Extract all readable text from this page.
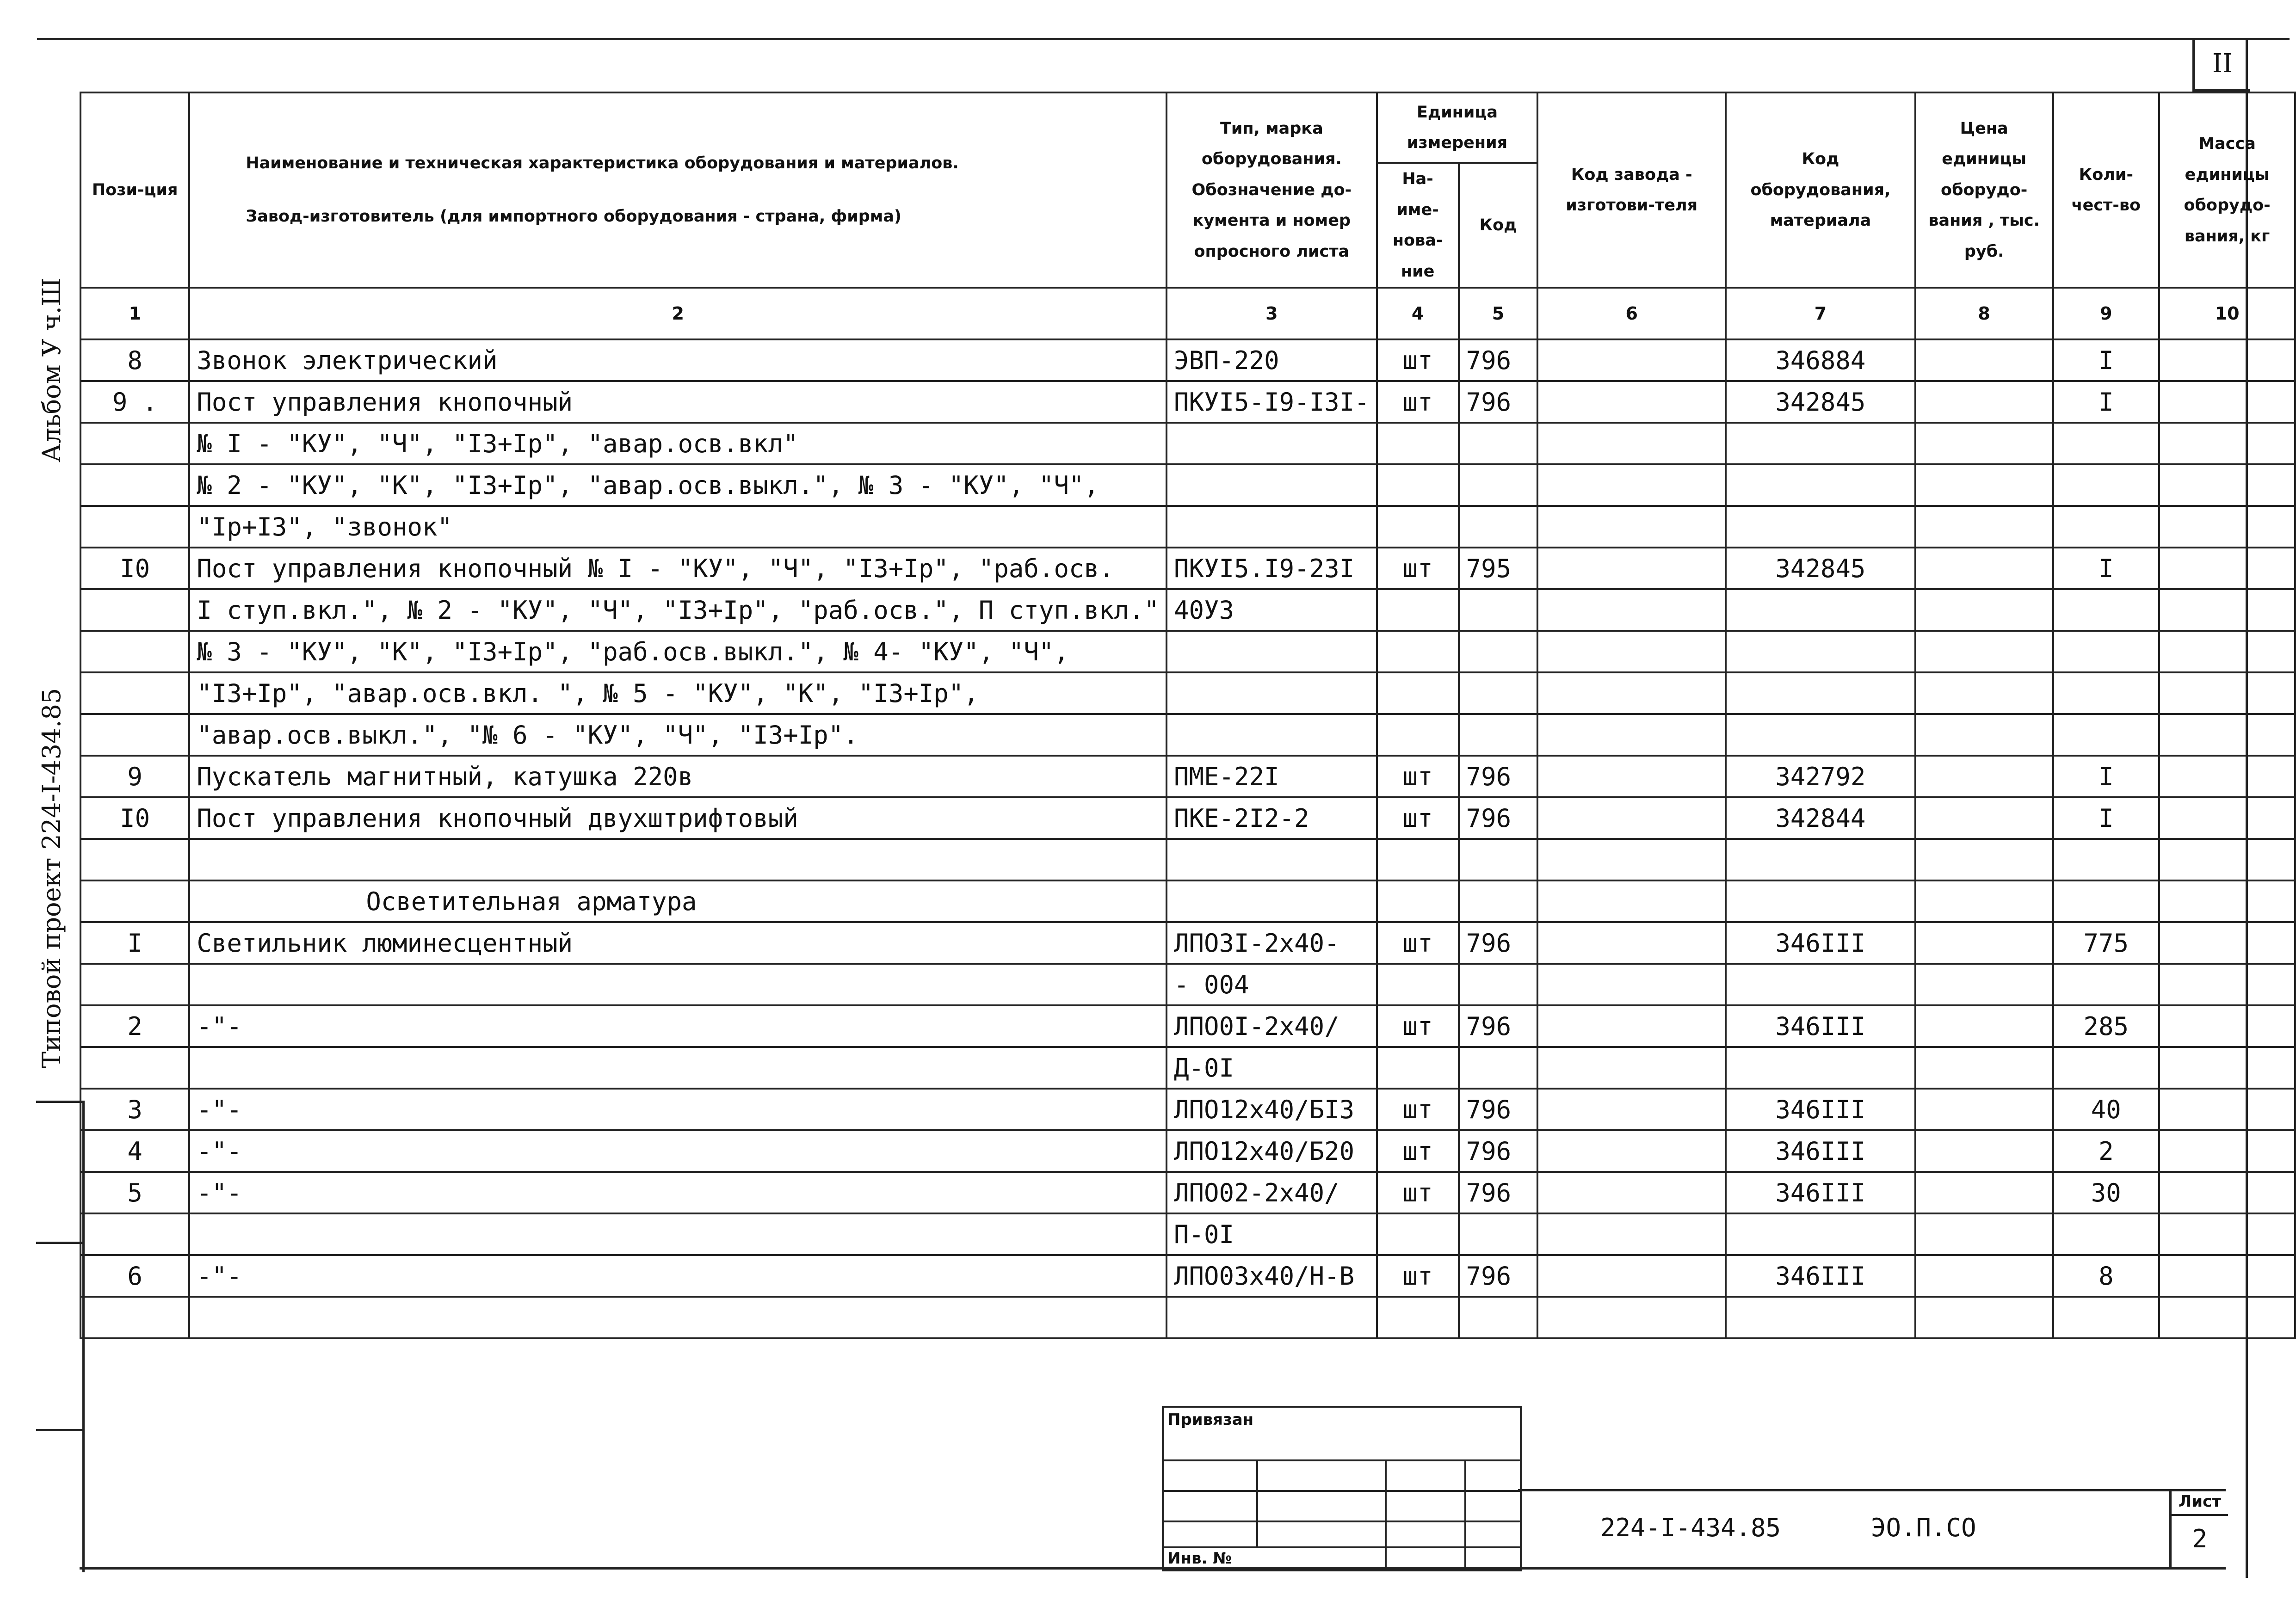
II
Альбом У ч.Ш
Типовой проект 224-I-434.85
Пози-ция	Наименование и техническая характеристика оборудования и материалов.
Завод-изготовитель (для импортного оборудования - страна, фирма)	Тип, марка оборудования. Обозначение до-кумента и номер опросного листа	Единица измерения		Код завода - изготови-теля	Код оборудования, материала	Цена единицы оборудо-вания , тыс. руб.	Коли-чест-во	Масса единицы оборудо-вания, кг
			На-име-нова-ние	Код					
1	2	3	4	5	6	7	8	9	10
8	Звонок электрический	ЭВП-220	шт	796		346884		I	
9 .	Пост управления кнопочный	ПКУI5-I9-I3I-	шт	796		342845		I	
	№ I - "КУ", "Ч", "I3+Iр", "авар.осв.вкл"								
	№ 2 - "КУ", "К", "I3+Iр", "авар.осв.выкл.", № 3 - "КУ", "Ч",								
	"Iр+I3", "звонок"								
I0	Пост управления кнопочный № I - "КУ", "Ч", "I3+Iр", "раб.осв.	ПКУI5.I9-23I	шт	795		342845		I	
	I ступ.вкл.", № 2 - "КУ", "Ч", "I3+Iр", "раб.осв.", П ступ.вкл."	40УЗ							
	№ 3 - "КУ", "К", "I3+Iр", "раб.осв.выкл.", № 4- "КУ", "Ч",								
	"I3+Iр", "авар.осв.вкл. ", № 5 - "КУ", "К", "I3+Iр",								
	"авар.осв.выкл.", "№ 6 - "КУ", "Ч", "I3+Iр".								
9	Пускатель магнитный, катушка 220в	ПМЕ-22I	шт	796		342792		I	
I0	Пост управления кнопочный двухштрифтовый	ПКЕ-2I2-2	шт	796		342844		I	

	Осветительная арматура								
I	Светильник люминесцентный	ЛПО3I-2х40-	шт	796		346III		775	
		- 004							
2	-"-	ЛПО0I-2х40/	шт	796		346III		285	
		Д-0I							
3	-"-	ЛПО12х40/БI3	шт	796		346III		40	
4	-"-	ЛПО12х40/Б20	шт	796		346III		2	
5	-"-	ЛПО02-2х40/	шт	796		346III		30	
		П-0I							
6	-"-	ЛПО03х40/Н-В	шт	796		346III		8	

Привязан
Инв. №
224-I-434.85	ЭО.П.СО
Лист
2
